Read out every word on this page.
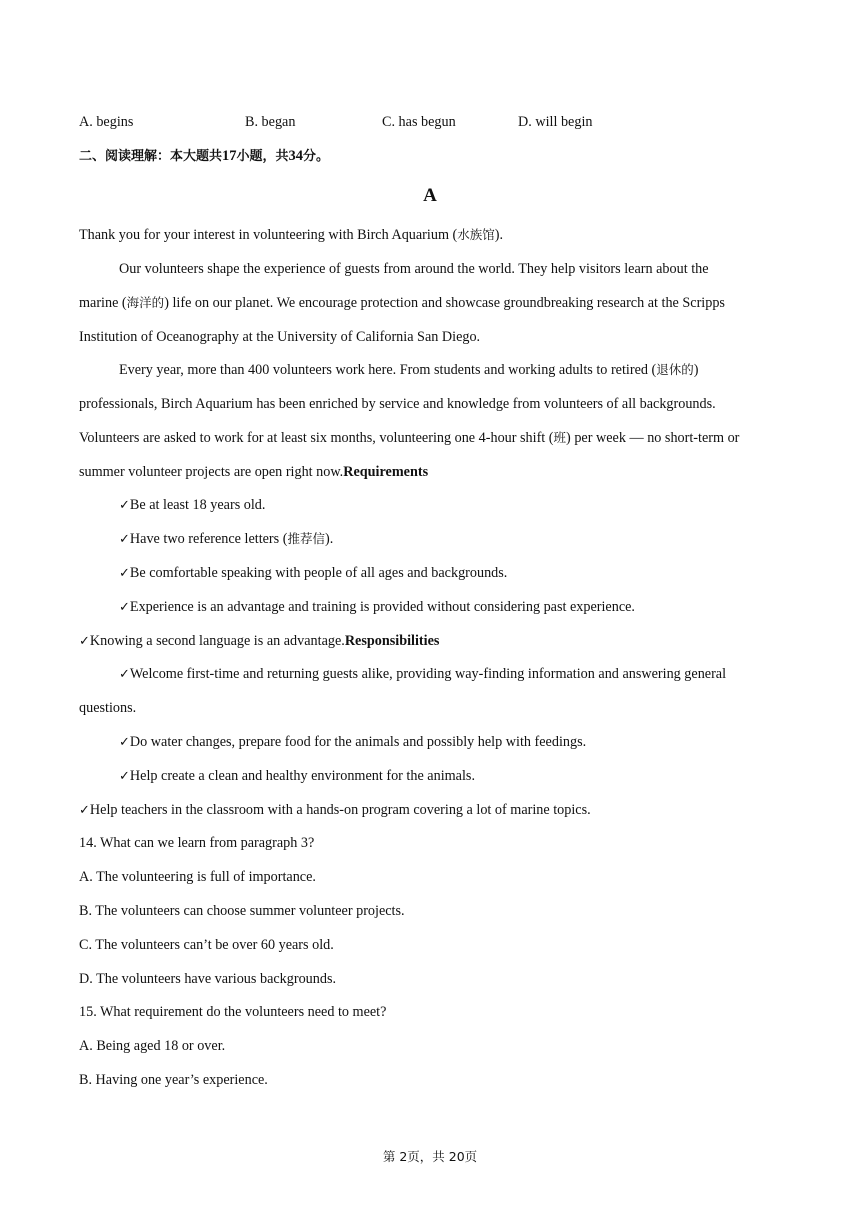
A. begins	B. began	C. has begun	D. will begin
二、阅读理解：本大题共17小题，共34分。
A
Thank you for your interest in volunteering with Birch Aquarium (水族馆).
Our volunteers shape the experience of guests from around the world. They help visitors learn about the
marine (海洋的) life on our planet. We encourage protection and showcase groundbreaking research at the Scripps
Institution of Oceanography at the University of California San Diego.
Every year, more than 400 volunteers work here. From students and working adults to retired (退休的)
professionals, Birch Aquarium has been enriched by service and knowledge from volunteers of all backgrounds.
Volunteers are asked to work for at least six months, volunteering one 4-hour shift (班) per week — no short-term or
summer volunteer projects are open right now.Requirements
✓Be at least 18 years old.
✓Have two reference letters (推荐信).
✓Be comfortable speaking with people of all ages and backgrounds.
✓Experience is an advantage and training is provided without considering past experience.
✓Knowing a second language is an advantage.Responsibilities
✓Welcome first-time and returning guests alike, providing way-finding information and answering general
questions.
✓Do water changes, prepare food for the animals and possibly help with feedings.
✓Help create a clean and healthy environment for the animals.
✓Help teachers in the classroom with a hands-on program covering a lot of marine topics.
14. What can we learn from paragraph 3?
A. The volunteering is full of importance.
B. The volunteers can choose summer volunteer projects.
C. The volunteers can’t be over 60 years old.
D. The volunteers have various backgrounds.
15. What requirement do the volunteers need to meet?
A. Being aged 18 or over.
B. Having one year’s experience.
第 2页，共 20页
